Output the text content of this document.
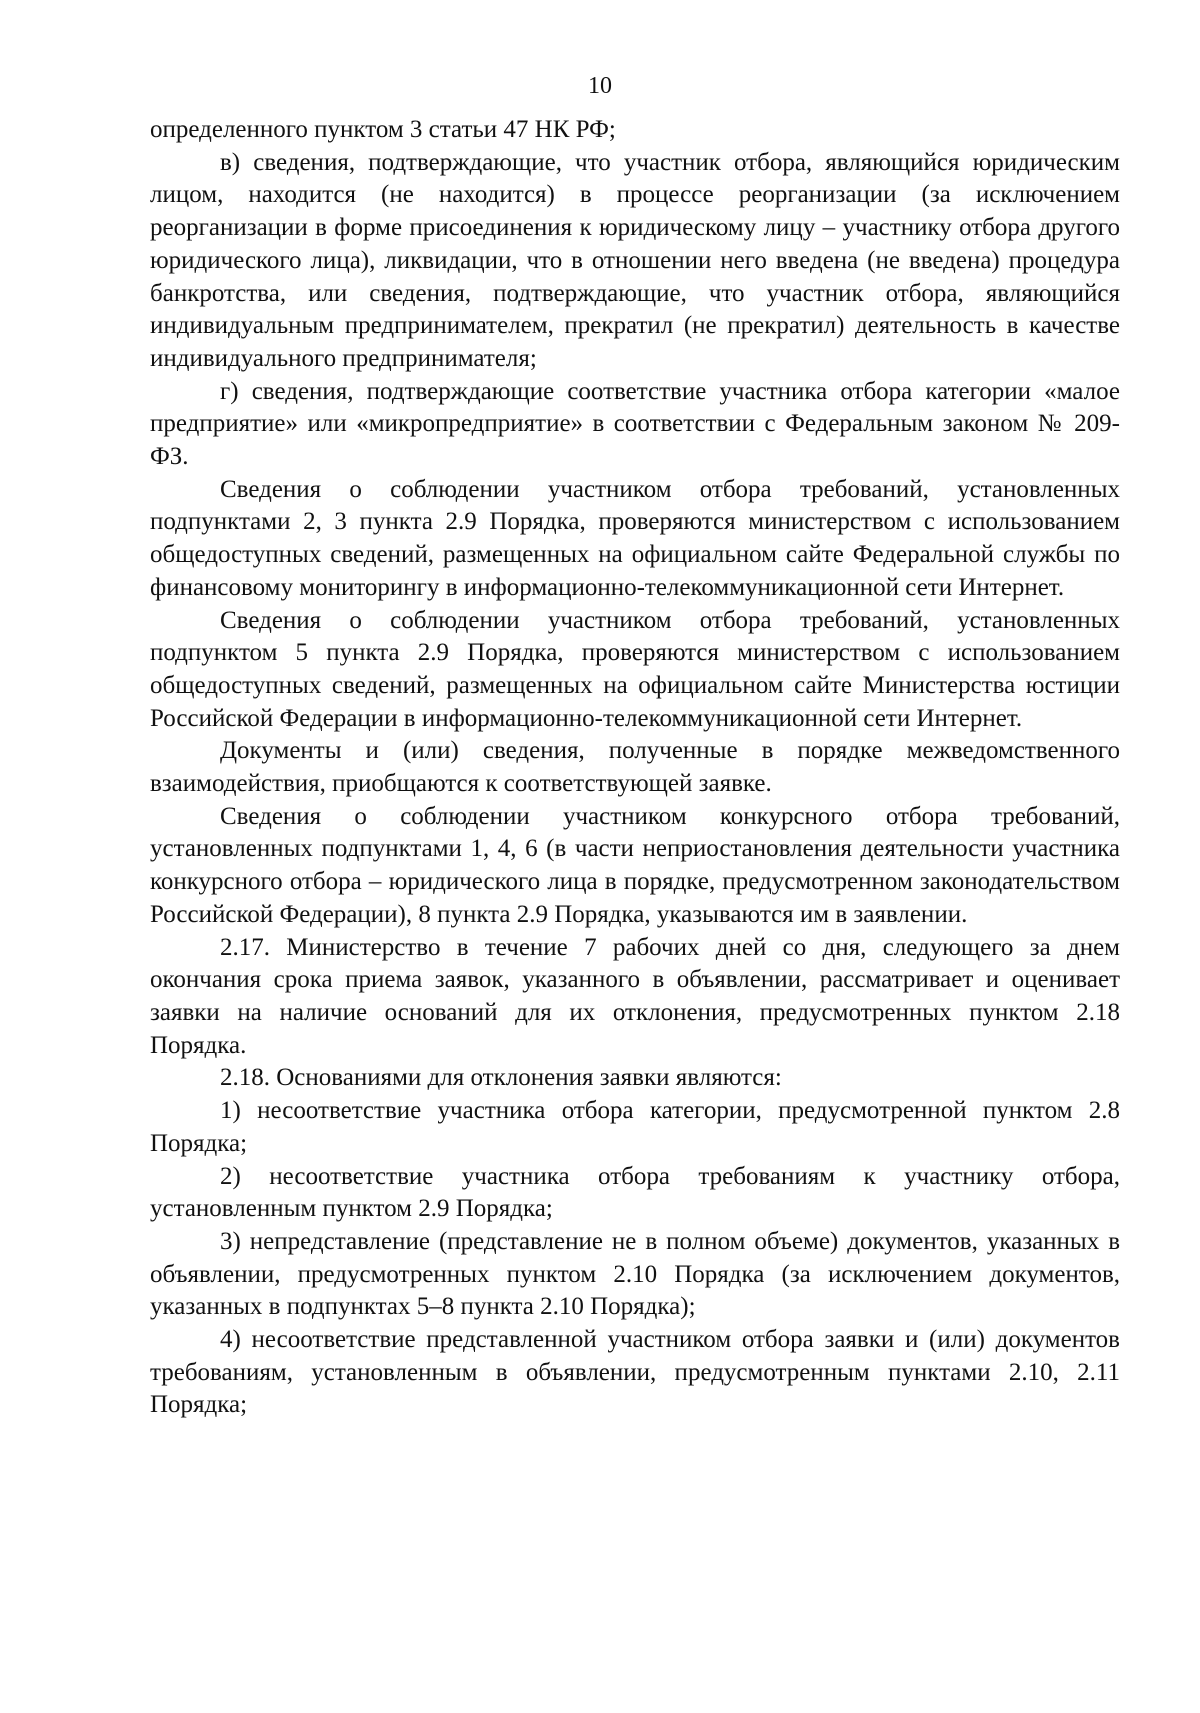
10

определенного пунктом 3 статьи 47 НК РФ;

в) сведения, подтверждающие, что участник отбора, являющийся юридическим лицом, находится (не находится) в процессе реорганизации (за исключением реорганизации в форме присоединения к юридическому лицу – участнику отбора другого юридического лица), ликвидации, что в отношении него введена (не введена) процедура банкротства, или сведения, подтверждающие, что участник отбора, являющийся индивидуальным предпринимателем, прекратил (не прекратил) деятельность в качестве индивидуального предпринимателя;

г) сведения, подтверждающие соответствие участника отбора категории «малое предприятие» или «микропредприятие» в соответствии с Федеральным законом № 209-ФЗ.

Сведения о соблюдении участником отбора требований, установленных подпунктами 2, 3 пункта 2.9 Порядка, проверяются министерством с использованием общедоступных сведений, размещенных на официальном сайте Федеральной службы по финансовому мониторингу в информационно-телекоммуникационной сети Интернет.

Сведения о соблюдении участником отбора требований, установленных подпунктом 5 пункта 2.9 Порядка, проверяются министерством с использованием общедоступных сведений, размещенных на официальном сайте Министерства юстиции Российской Федерации в информационно-телекоммуникационной сети Интернет.

Документы и (или) сведения, полученные в порядке межведомственного взаимодействия, приобщаются к соответствующей заявке.

Сведения о соблюдении участником конкурсного отбора требований, установленных подпунктами 1, 4, 6 (в части неприостановления деятельности участника конкурсного отбора – юридического лица в порядке, предусмотренном законодательством Российской Федерации), 8 пункта 2.9 Порядка, указываются им в заявлении.

2.17. Министерство в течение 7 рабочих дней со дня, следующего за днем окончания срока приема заявок, указанного в объявлении, рассматривает и оценивает заявки на наличие оснований для их отклонения, предусмотренных пунктом 2.18 Порядка.

2.18. Основаниями для отклонения заявки являются:

1) несоответствие участника отбора категории, предусмотренной пунктом 2.8 Порядка;

2) несоответствие участника отбора требованиям к участнику отбора, установленным пунктом 2.9 Порядка;

3) непредставление (представление не в полном объеме) документов, указанных в объявлении, предусмотренных пунктом 2.10 Порядка (за исключением документов, указанных в подпунктах 5–8 пункта 2.10 Порядка);

4) несоответствие представленной участником отбора заявки и (или) документов требованиям, установленным в объявлении, предусмотренным пунктами 2.10, 2.11 Порядка;
